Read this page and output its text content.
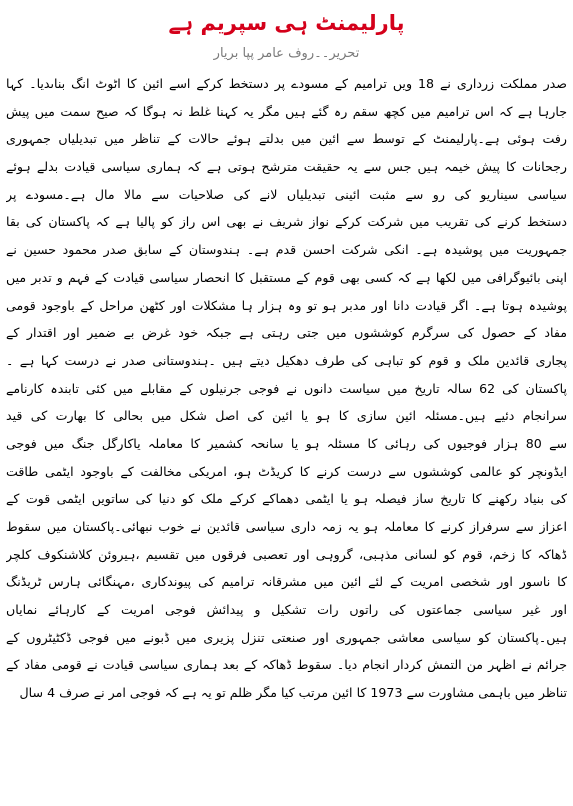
پارلیمنٹ ہی سپریم ہے
تحریر۔۔روف عامر پپا بریار
صدر مملکت زرداری نے 18 ویں ترامیم کے مسودے پر دستخط کرکے اسے ائین کا اٹوٹ انگ بناںدیا۔ کہا
جارہا ہے کہ اس ترامیم میں کچھ سقم رہ گئے ہیں مگر یہ کہنا غلط نہ ہوگا کہ صیح سمت میں پیش
رفت ہوئی ہے۔پارلیمنٹ کے توسط سے ائین میں بدلتے ہوئے حالات کے تناظر میں تبدیلیاں جمہوری
رجحانات کا پیش خیمہ ہیں جس سے یہ حقیقت مترشح ہوتی ہے کہ ہماری سیاسی قیادت بدلے ہوئے
سیاسی سیناریو کی رو سے مثبت ائینی تبدیلیاں لانے کی صلاحیات سے مالا مال ہے۔مسودے پر
دستخط کرنے کی تقریب میں شرکت کرکے نواز شریف نے بھی اس راز کو پالیا ہے کہ پاکستان کی بقا
جمہوریت میں پوشیدہ ہے۔ انکی شرکت احسن قدم ہے۔ ہندوستان کے سابق صدر محمود حسین نے
اپنی بائیوگرافی میں لکھا ہے کہ کسی بھی قوم کے مستقبل کا انحصار سیاسی قیادت کے فہم و تدبر میں
پوشیدہ ہوتا ہے۔ اگر قیادت دانا اور مدبر ہو تو وہ ہزار ہا مشکلات اور کٹھن مراحل کے باوجود قومی
مفاد کے حصول کی سرگرم کوششوں میں جتی رہتی ہے جبکہ خود غرض بے ضمیر اور اقتدار کے
پجاری قائدین ملک و قوم کو تباہی کی طرف دھکیل دیتے ہیں ۔ہندوستانی صدر نے درست کہا ہے ۔
پاکستان کی 62 سالہ تاریخ میں سیاست دانوں نے فوجی جرنیلوں کے مقابلے میں کئی تابندہ کارنامے
سرانجام دئیے ہیں۔مسئلہ ائین سازی کا ہو یا ائین کی اصل شکل میں بحالی کا بھارت کی قید
سے 80 ہزار فوجیوں کی رہائی کا مسئلہ ہو یا سانحہ کشمیر کا معاملہ یاکارگل جنگ میں فوجی
ایڈونچر کو عالمی کوششوں سے درست کرنے کا کریڈٹ ہو، امریکی مخالفت کے باوجود ایٹمی طاقت
کی بنیاد رکھنے کا تاریخ ساز فیصلہ ہو یا ایٹمی دھماکے کرکے ملک کو دنیا کی ساتویں ایٹمی قوت کے
اعزاز سے سرفراز کرنے کا معاملہ ہو یہ زمہ داری سیاسی قائدین نے خوب نبھائی۔پاکستان میں سقوط
ڈھاکہ کا زخم، قوم کو لسانی مذہبی، گروہی اور تعصبی فرقوں میں تقسیم ،ہیروئن کلاشنکوف کلچر
کا ناسور اور شخصی امریت کے لئے ائین میں مشرقانہ ترامیم کی پیوندکاری ،مہنگائی ہارس ٹریڈنگ
اور غیر سیاسی جماعتوں کی راتوں رات تشکیل و پیدائش فوجی امریت کے کارہائے نمایاں
ہیں۔پاکستان کو سیاسی معاشی جمہوری اور صنعتی تنزل پزیری میں ڈبونے میں فوجی ڈکٹیٹروں کے
جرائم نے اظہر من التمش کردار انجام دیا۔ سقوط ڈھاکہ کے بعد ہماری سیاسی قیادت نے قومی مفاد کے
تناظر میں باہمی مشاورت سے 1973 کا ائین مرتب کیا مگر ظلم تو یہ ہے کہ فوجی امر نے صرف 4 سال
